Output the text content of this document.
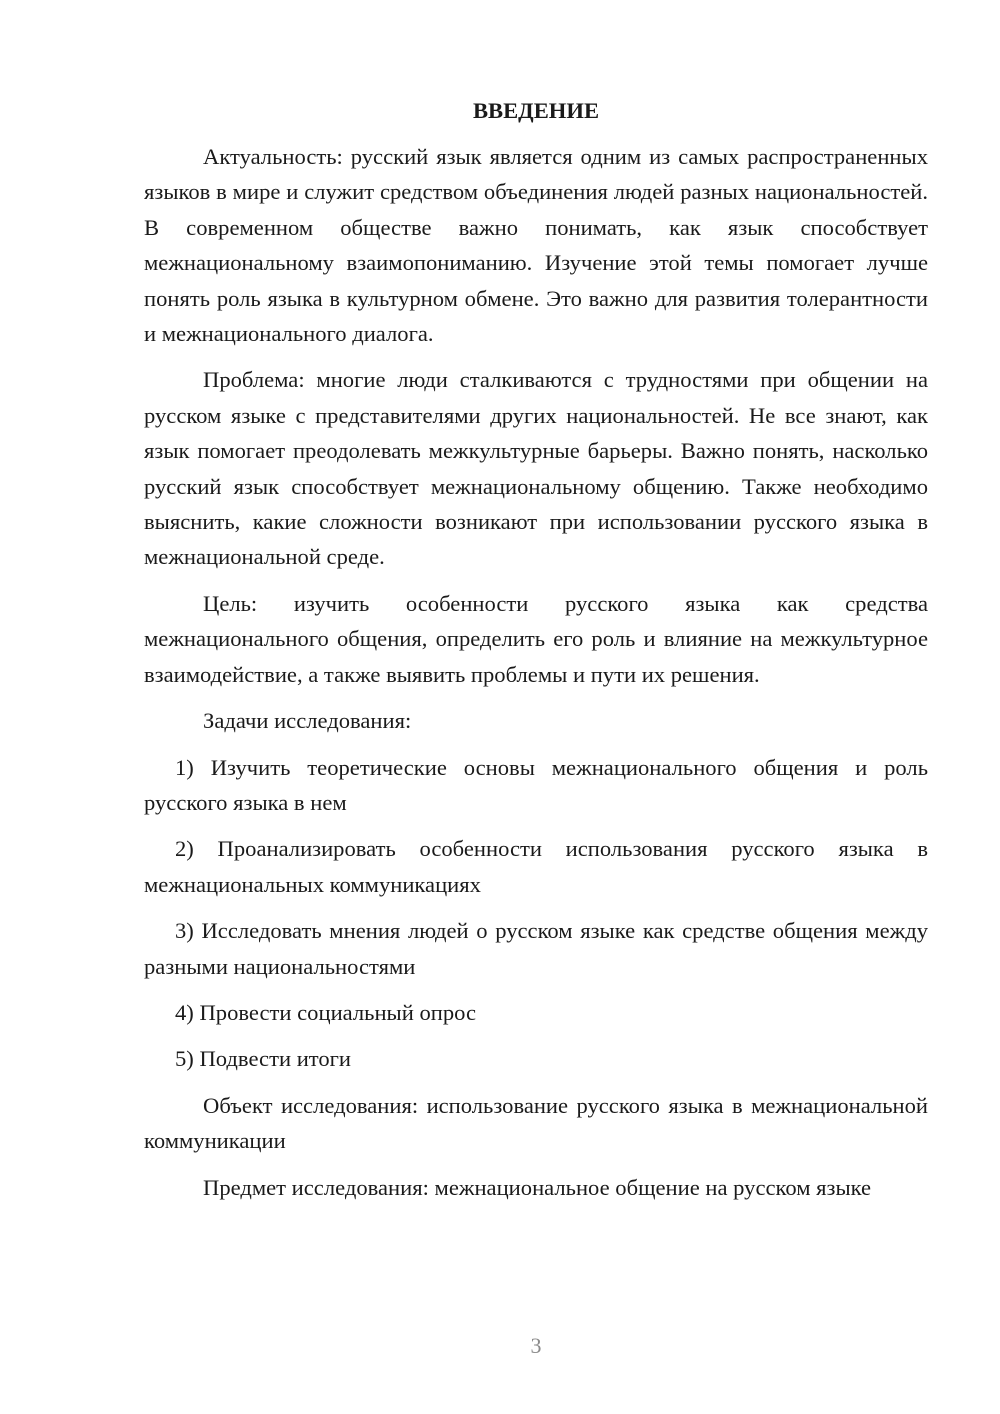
ВВЕДЕНИЕ

Актуальность: русский язык является одним из самых распространенных языков в мире и служит средством объединения людей разных национальностей. В современном обществе важно понимать, как язык способствует межнациональному взаимопониманию. Изучение этой темы помогает лучше понять роль языка в культурном обмене. Это важно для развития толерантности и межнационального диалога.

Проблема: многие люди сталкиваются с трудностями при общении на русском языке с представителями других национальностей. Не все знают, как язык помогает преодолевать межкультурные барьеры. Важно понять, насколько русский язык способствует межнациональному общению. Также необходимо выяснить, какие сложности возникают при использовании русского языка в межнациональной среде.

Цель: изучить особенности русского языка как средства межнационального общения, определить его роль и влияние на межкультурное взаимодействие, а также выявить проблемы и пути их решения.

Задачи исследования:

1) Изучить теоретические основы межнационального общения и роль русского языка в нем

2) Проанализировать особенности использования русского языка в межнациональных коммуникациях

3) Исследовать мнения людей о русском языке как средстве общения между разными национальностями

4) Провести социальный опрос

5) Подвести итоги

Объект исследования: использование русского языка в межнациональной коммуникации

Предмет исследования: межнациональное общение на русском языке

3
